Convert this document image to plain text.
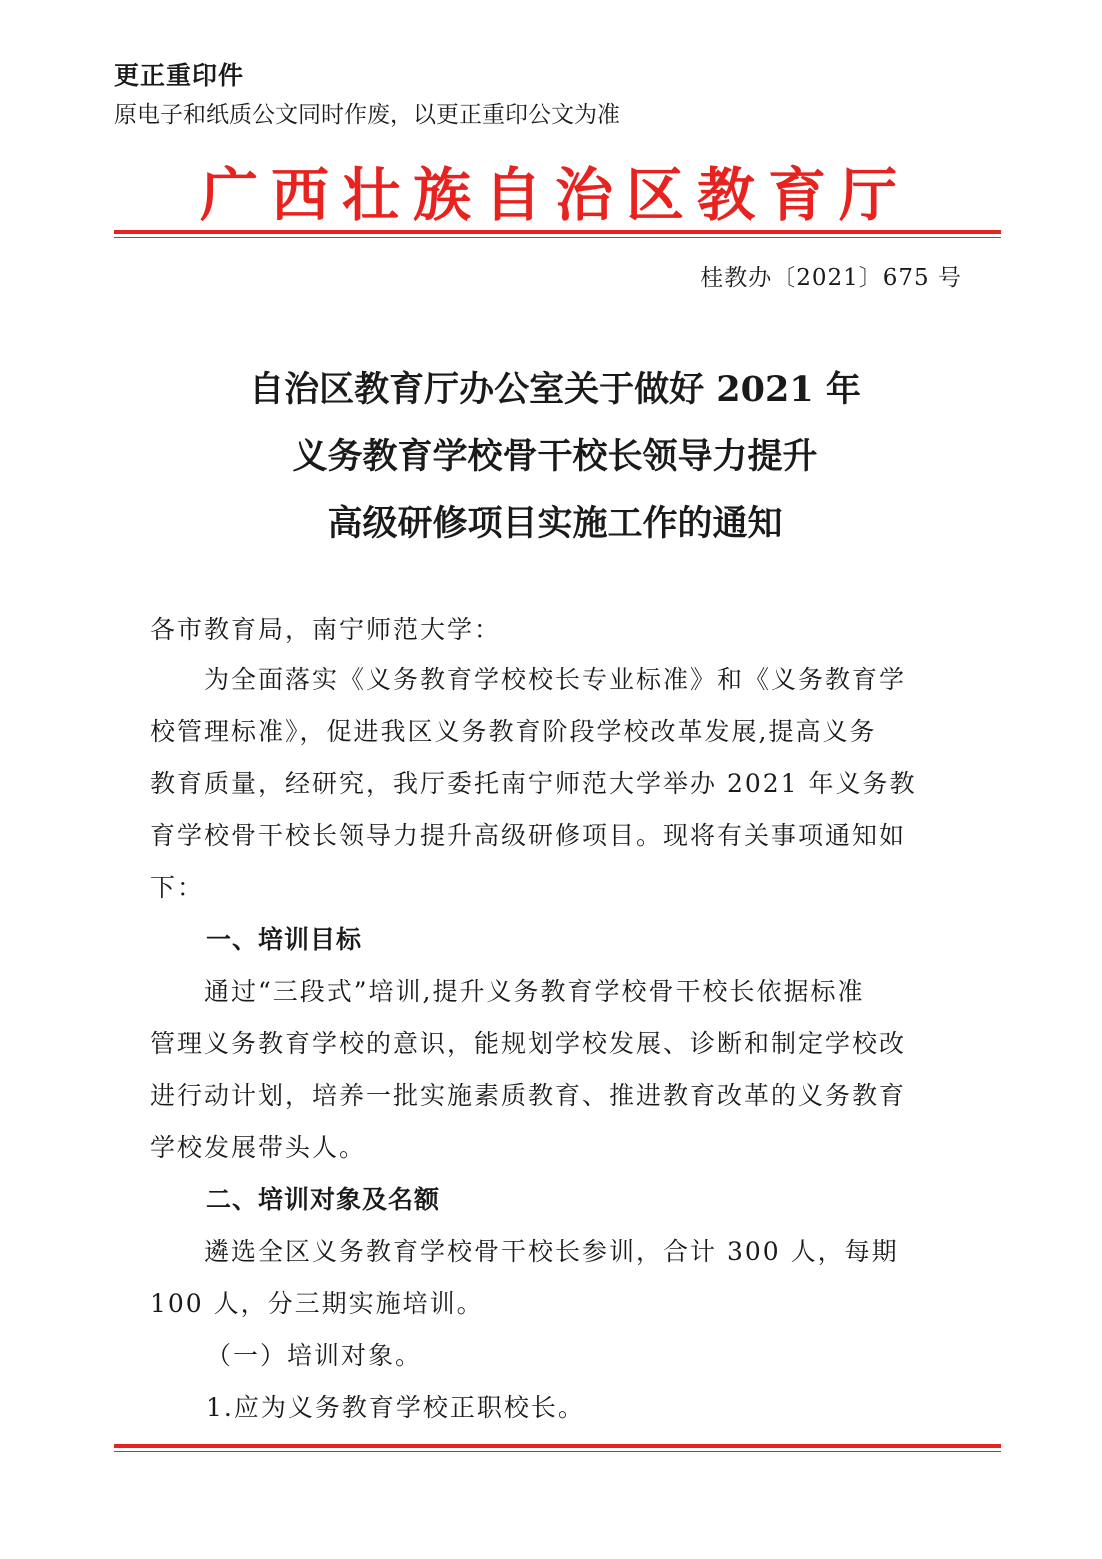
更正重印件
原电子和纸质公文同时作废，以更正重印公文为准
广西壮族自治区教育厅
桂教办〔2021〕675 号
自治区教育厅办公室关于做好 2021 年
义务教育学校骨干校长领导力提升
高级研修项目实施工作的通知
各市教育局，南宁师范大学：
　　为全面落实《义务教育学校校长专业标准》和《义务教育学
校管理标准》，促进我区义务教育阶段学校改革发展,提高义务
教育质量，经研究，我厅委托南宁师范大学举办 2021 年义务教
育学校骨干校长领导力提升高级研修项目。现将有关事项通知如
下：
一、培训目标
　　通过“三段式”培训,提升义务教育学校骨干校长依据标准
管理义务教育学校的意识，能规划学校发展、诊断和制定学校改
进行动计划，培养一批实施素质教育、推进教育改革的义务教育
学校发展带头人。
二、培训对象及名额
　　遴选全区义务教育学校骨干校长参训，合计 300 人，每期
100 人，分三期实施培训。
（一）培训对象。
1.应为义务教育学校正职校长。
